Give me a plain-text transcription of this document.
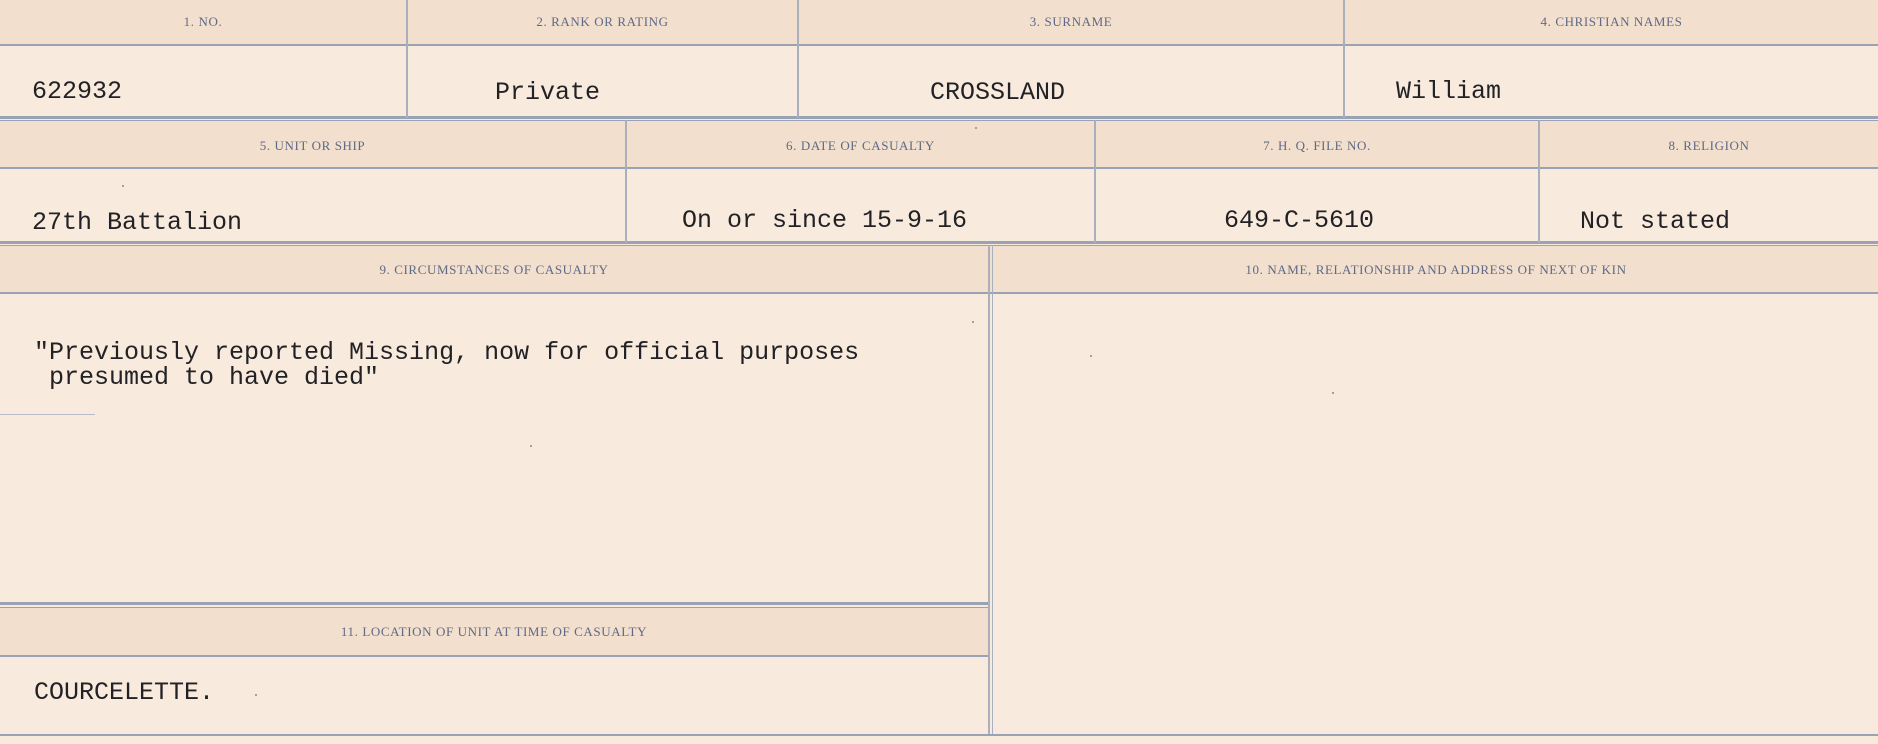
1. NO.	2. RANK OR RATING	3. SURNAME	4. CHRISTIAN NAMES
622932	Private	CROSSLAND	William
5. UNIT OR SHIP	6. DATE OF CASUALTY	7. H. Q. FILE NO.	8. RELIGION
27th Battalion	On or since 15-9-16	649-C-5610	Not stated
9. CIRCUMSTANCES OF CASUALTY	10. NAME, RELATIONSHIP AND ADDRESS OF NEXT OF KIN
"Previously reported Missing, now for official purposes
presumed to have died"
11. LOCATION OF UNIT AT TIME OF CASUALTY
COURCELETTE.
